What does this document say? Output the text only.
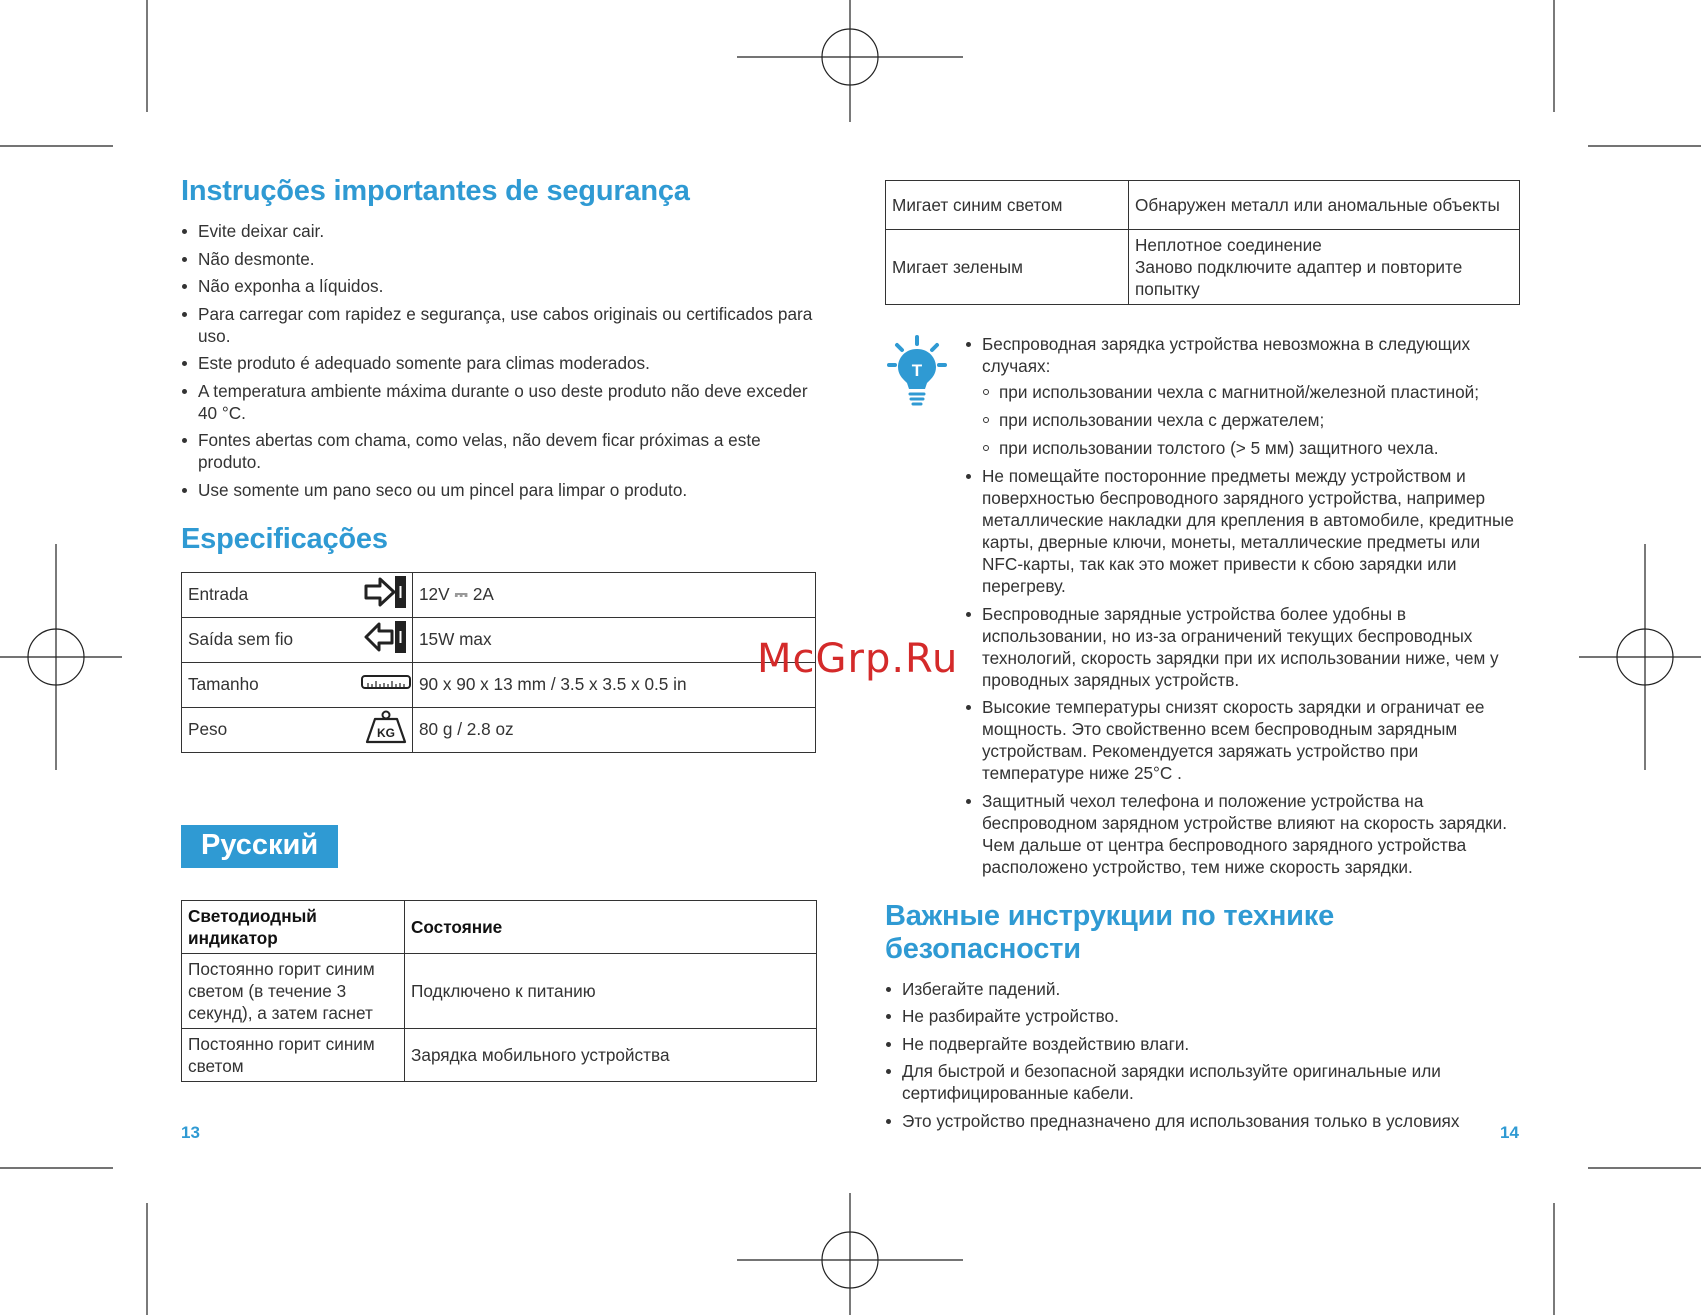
Instruções importantes de segurança
Evite deixar cair.
Não desmonte.
Não exponha a líquidos.
Para carregar com rapidez e segurança, use cabos originais ou certificados para uso.
Este produto é adequado somente para climas moderados.
A temperatura ambiente máxima durante o uso deste produto não deve exceder 40 °C.
Fontes abertas com chama, como velas, não devem ficar próximas a este produto.
Use somente um pano seco ou um pincel para limpar o produto.
Especificações
Entrada		12V ⎓ 2A
Saída sem fio		15W max
Tamanho		90 x 90 x 13 mm / 3.5 x 3.5 x 0.5 in
Peso	KG	80 g / 2.8 oz
Русский
Светодиодный индикатор	Состояние
Постоянно горит синим светом (в течение 3 секунд), а затем гаснет	Подключено к питанию
Постоянно горит синим светом	Зарядка мобильного устройства
13
Мигает синим светом	Обнаружен металл или аномальные объекты
Мигает зеленым	Неплотное соединение
Заново подключите адаптер и повторите попытку
T
Беспроводная зарядка устройства невозможна в следующих случаях:
при использовании чехла с магнитной/железной пластиной;
при использовании чехла с держателем;
при использовании толстого (> 5 мм) защитного чехла.
Не помещайте посторонние предметы между устройством и поверхностью беспроводного зарядного устройства, например металлические накладки для крепления в автомобиле, кредитные карты, дверные ключи, монеты, металлические предметы или NFC-карты, так как это может привести к сбою зарядки или перегреву.
Беспроводные зарядные устройства более удобны в использовании, но из-за ограничений текущих беспроводных технологий, скорость зарядки при их использовании ниже, чем у проводных зарядных устройств.
Высокие температуры снизят скорость зарядки и ограничат ее мощность. Это свойственно всем беспроводным зарядным устройствам. Рекомендуется заряжать устройство при температуре ниже 25°C .
Защитный чехол телефона и положение устройства на беспроводном зарядном устройстве влияют на скорость зарядки. Чем дальше от центра беспроводного зарядного устройства расположено устройство, тем ниже скорость зарядки.
Важные инструкции по технике безопасности
Избегайте падений.
Не разбирайте устройство.
Не подвергайте воздействию влаги.
Для быстрой и безопасной зарядки используйте оригинальные или сертифицированные кабели.
Это устройство предназначено для использования только в условиях
14
McGrp.Ru
